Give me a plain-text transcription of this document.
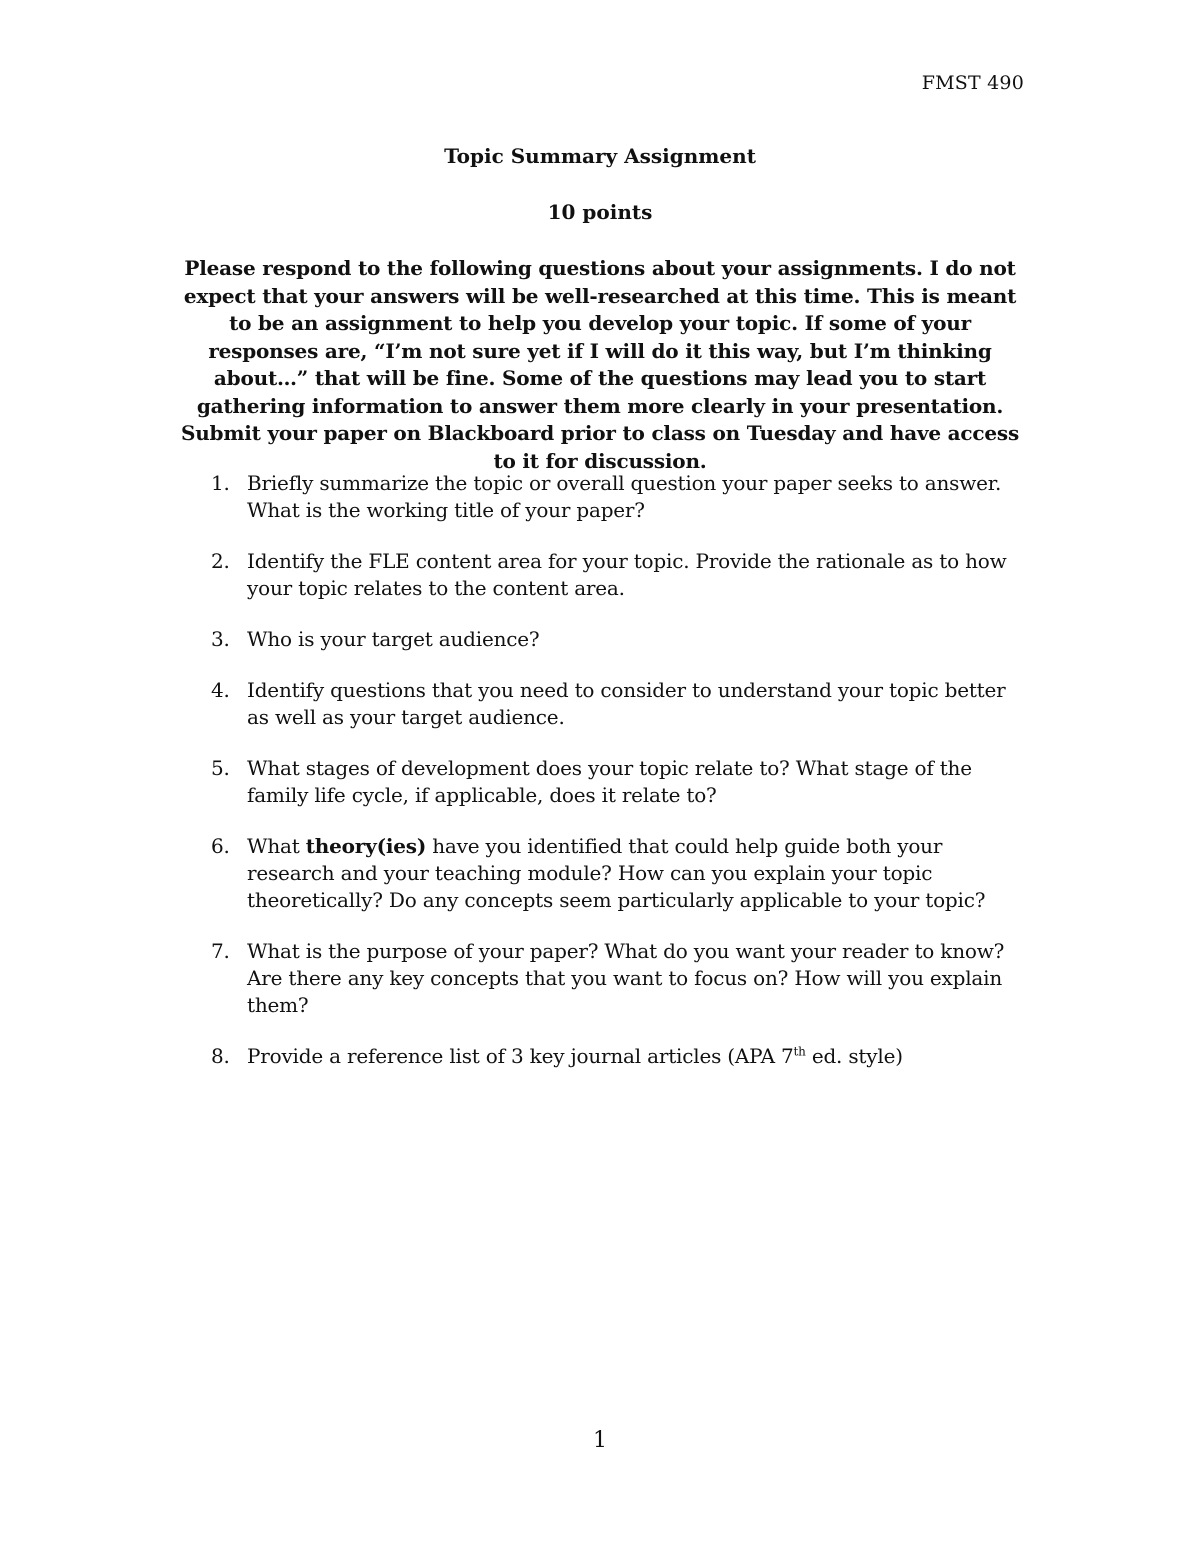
FMST 490
Topic Summary Assignment
10 points
Please respond to the following questions about your assignments. I do not expect that your answers will be well-researched at this time. This is meant to be an assignment to help you develop your topic. If some of your responses are, “I’m not sure yet if I will do it this way, but I’m thinking about…” that will be fine. Some of the questions may lead you to start gathering information to answer them more clearly in your presentation. Submit your paper on Blackboard prior to class on Tuesday and have access to it for discussion.
1. Briefly summarize the topic or overall question your paper seeks to answer. What is the working title of your paper?
2. Identify the FLE content area for your topic. Provide the rationale as to how your topic relates to the content area.
3. Who is your target audience?
4. Identify questions that you need to consider to understand your topic better as well as your target audience.
5. What stages of development does your topic relate to? What stage of the family life cycle, if applicable, does it relate to?
6. What theory(ies) have you identified that could help guide both your research and your teaching module? How can you explain your topic theoretically? Do any concepts seem particularly applicable to your topic?
7. What is the purpose of your paper? What do you want your reader to know? Are there any key concepts that you want to focus on? How will you explain them?
8. Provide a reference list of 3 key journal articles (APA 7th ed. style)
1
